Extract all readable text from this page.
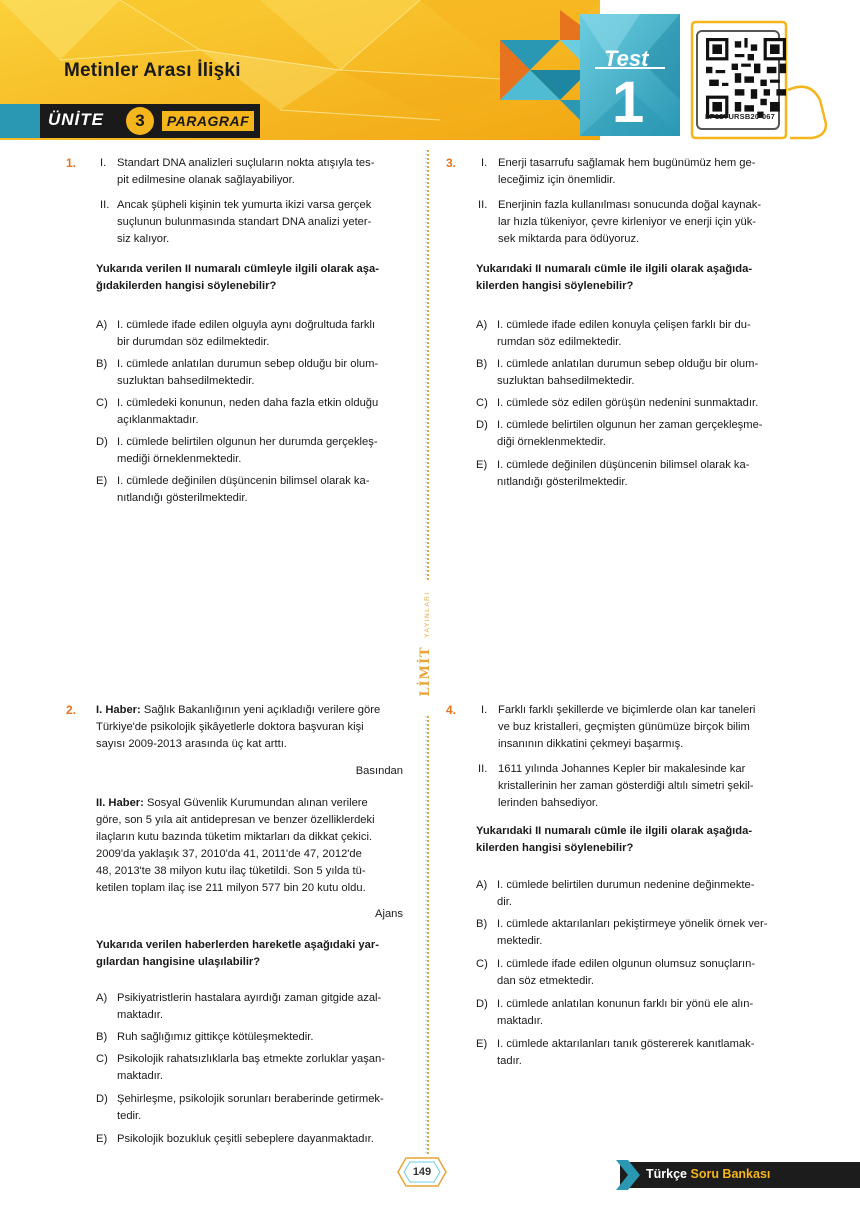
Metinler Arası İlişki
ÜNİTE	3	PARAGRAF
Test
1	LP12TURSB20-067
LİMİT YAYINLARI
1. I. Standart DNA analizleri suçluların nokta atışıyla tes-
pit edilmesine olanak sağlayabiliyor.
II. Ancak şüpheli kişinin tek yumurta ikizi varsa gerçek
suçlunun bulunmasında standart DNA analizi yeter-
siz kalıyor.
Yukarıda verilen II numaralı cümleyle ilgili olarak aşa-
ğıdakilerden hangisi söylenebilir?
A) I. cümlede ifade edilen olguyla aynı doğrultuda farklı
bir durumdan söz edilmektedir.
B) I. cümlede anlatılan durumun sebep olduğu bir olum-
suzluktan bahsedilmektedir.
C) I. cümledeki konunun, neden daha fazla etkin olduğu
açıklanmaktadır.
D) I. cümlede belirtilen olgunun her durumda gerçekleş-
mediği örneklenmektedir.
E) I. cümlede değinilen düşüncenin bilimsel olarak ka-
nıtlandığı gösterilmektedir.
2. I. Haber: Sağlık Bakanlığının yeni açıkladığı verilere göre
Türkiye'de psikolojik şikâyetlerle doktora başvuran kişi
sayısı 2009-2013 arasında üç kat arttı.
Basından
II. Haber: Sosyal Güvenlik Kurumundan alınan verilere
göre, son 5 yıla ait antidepresan ve benzer özelliklerdeki
ilaçların kutu bazında tüketim miktarları da dikkat çekici.
2009'da yaklaşık 37, 2010'da 41, 2011'de 47, 2012'de
48, 2013'te 38 milyon kutu ilaç tüketildi. Son 5 yılda tü-
ketilen toplam ilaç ise 211 milyon 577 bin 20 kutu oldu.
Ajans
Yukarıda verilen haberlerden hareketle aşağıdaki yar-
gılardan hangisine ulaşılabilir?
A) Psikiyatristlerin hastalara ayırdığı zaman gitgide azal-
maktadır.
B) Ruh sağlığımız gittikçe kötüleşmektedir.
C) Psikolojik rahatsızlıklarla baş etmekte zorluklar yaşan-
maktadır.
D) Şehirleşme, psikolojik sorunları beraberinde getirmek-
tedir.
E) Psikolojik bozukluk çeşitli sebeplere dayanmaktadır.
3. I. Enerji tasarrufu sağlamak hem bugünümüz hem ge-
leceğimiz için önemlidir.
II. Enerjinin fazla kullanılması sonucunda doğal kaynak-
lar hızla tükeniyor, çevre kirleniyor ve enerji için yük-
sek miktarda para ödüyoruz.
Yukarıdaki II numaralı cümle ile ilgili olarak aşağıda-
kilerden hangisi söylenebilir?
A) I. cümlede ifade edilen konuyla çelişen farklı bir du-
rumdan söz edilmektedir.
B) I. cümlede anlatılan durumun sebep olduğu bir olum-
suzluktan bahsedilmektedir.
C) I. cümlede söz edilen görüşün nedenini sunmaktadır.
D) I. cümlede belirtilen olgunun her zaman gerçekleşme-
diği örneklenmektedir.
E) I. cümlede değinilen düşüncenin bilimsel olarak ka-
nıtlandığı gösterilmektedir.
4. I. Farklı farklı şekillerde ve biçimlerde olan kar taneleri
ve buz kristalleri, geçmişten günümüze birçok bilim
insanının dikkatini çekmeyi başarmış.
II. 1611 yılında Johannes Kepler bir makalesinde kar
kristallerinin her zaman gösterdiği altılı simetri şekil-
lerinden bahsediyor.
Yukarıdaki II numaralı cümle ile ilgili olarak aşağıda-
kilerden hangisi söylenebilir?
A) I. cümlede belirtilen durumun nedenine değinmekte-
dir.
B) I. cümlede aktarılanları pekiştirmeye yönelik örnek ver-
mektedir.
C) I. cümlede ifade edilen olgunun olumsuz sonuçların-
dan söz etmektedir.
D) I. cümlede anlatılan konunun farklı bir yönü ele alın-
maktadır.
E) I. cümlede aktarılanları tanık göstererek kanıtlamak-
tadır.
149	Türkçe Soru Bankası
